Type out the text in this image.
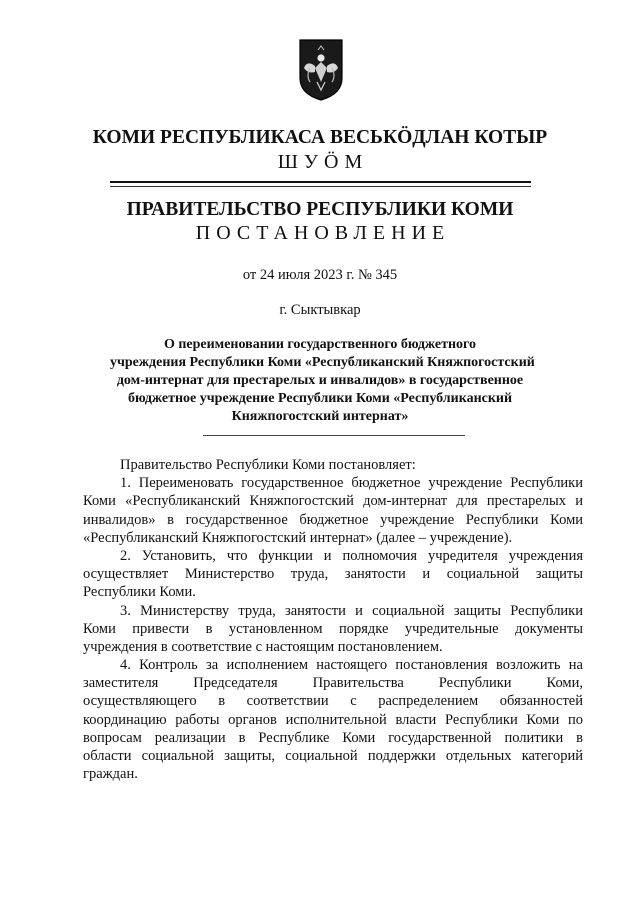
КОМИ РЕСПУБЛИКАСА ВЕСЬКӦДЛАН КОТЫР
ШУӦМ
ПРАВИТЕЛЬСТВО РЕСПУБЛИКИ КОМИ
ПОСТАНОВЛЕНИЕ
от 24 июля 2023 г. № 345
г. Сыктывкар
О переименовании государственного бюджетного
учреждения Республики Коми «Республиканский Княжпогостский
дом-интернат для престарелых и инвалидов» в государственное
бюджетное учреждение Республики Коми «Республиканский
Княжпогостский интернат»
Правительство Республики Коми постановляет:
1. Переименовать государственное бюджетное учреждение Республики
Коми «Республиканский Княжпогостский дом-интернат для престарелых и
инвалидов» в государственное бюджетное учреждение Республики Коми
«Республиканский Княжпогостский интернат» (далее – учреждение).
2. Установить, что функции и полномочия учредителя учреждения
осуществляет Министерство труда, занятости и социальной защиты
Республики Коми.
3. Министерству труда, занятости и социальной защиты Республики
Коми привести в установленном порядке учредительные документы
учреждения в соответствие с настоящим постановлением.
4. Контроль за исполнением настоящего постановления возложить на
заместителя Председателя Правительства Республики Коми,
осуществляющего в соответствии с распределением обязанностей
координацию работы органов исполнительной власти Республики Коми по
вопросам реализации в Республике Коми государственной политики в
области социальной защиты, социальной поддержки отдельных категорий
граждан.
